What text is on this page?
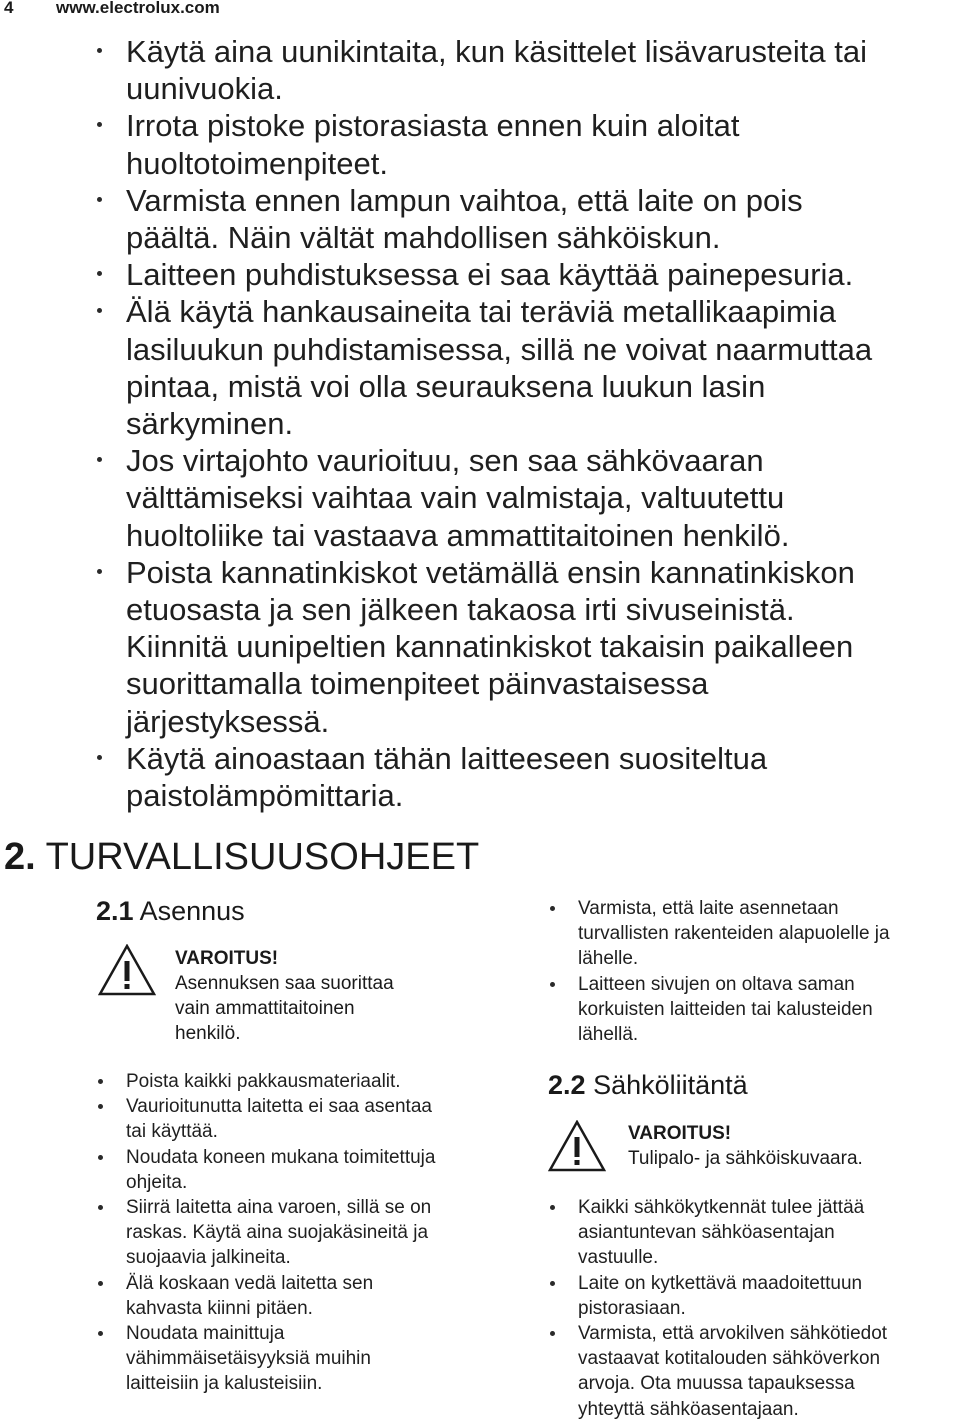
4	www.electrolux.com
Käytä aina uunikintaita, kun käsittelet lisävarusteita tai
uunivuokia.
Irrota pistoke pistorasiasta ennen kuin aloitat
huoltotoimenpiteet.
Varmista ennen lampun vaihtoa, että laite on pois
päältä. Näin vältät mahdollisen sähköiskun.
Laitteen puhdistuksessa ei saa käyttää painepesuria.
Älä käytä hankausaineita tai teräviä metallikaapimia
lasiluukun puhdistamisessa, sillä ne voivat naarmuttaa
pintaa, mistä voi olla seurauksena luukun lasin
särkyminen.
Jos virtajohto vaurioituu, sen saa sähkövaaran
välttämiseksi vaihtaa vain valmistaja, valtuutettu
huoltoliike tai vastaava ammattitaitoinen henkilö.
Poista kannatinkiskot vetämällä ensin kannatinkiskon
etuosasta ja sen jälkeen takaosa irti sivuseinistä.
Kiinnitä uunipeltien kannatinkiskot takaisin paikalleen
suorittamalla toimenpiteet päinvastaisessa
järjestyksessä.
Käytä ainoastaan tähän laitteeseen suositeltua
paistolämpömittaria.
2. TURVALLISUUSOHJEET
2.1 Asennus
VAROITUS!
Asennuksen saa suorittaa
vain ammattitaitoinen
henkilö.
Poista kaikki pakkausmateriaalit.
Vaurioitunutta laitetta ei saa asentaa
tai käyttää.
Noudata koneen mukana toimitettuja
ohjeita.
Siirrä laitetta aina varoen, sillä se on
raskas. Käytä aina suojakäsineitä ja
suojaavia jalkineita.
Älä koskaan vedä laitetta sen
kahvasta kiinni pitäen.
Noudata mainittuja
vähimmäisetäisyyksiä muihin
laitteisiin ja kalusteisiin.
Varmista, että laite asennetaan
turvallisten rakenteiden alapuolelle ja
lähelle.
Laitteen sivujen on oltava saman
korkuisten laitteiden tai kalusteiden
lähellä.
2.2 Sähköliitäntä
VAROITUS!
Tulipalo- ja sähköiskuvaara.
Kaikki sähkökytkennät tulee jättää
asiantuntevan sähköasentajan
vastuulle.
Laite on kytkettävä maadoitettuun
pistorasiaan.
Varmista, että arvokilven sähkötiedot
vastaavat kotitalouden sähköverkon
arvoja. Ota muussa tapauksessa
yhteyttä sähköasentajaan.
